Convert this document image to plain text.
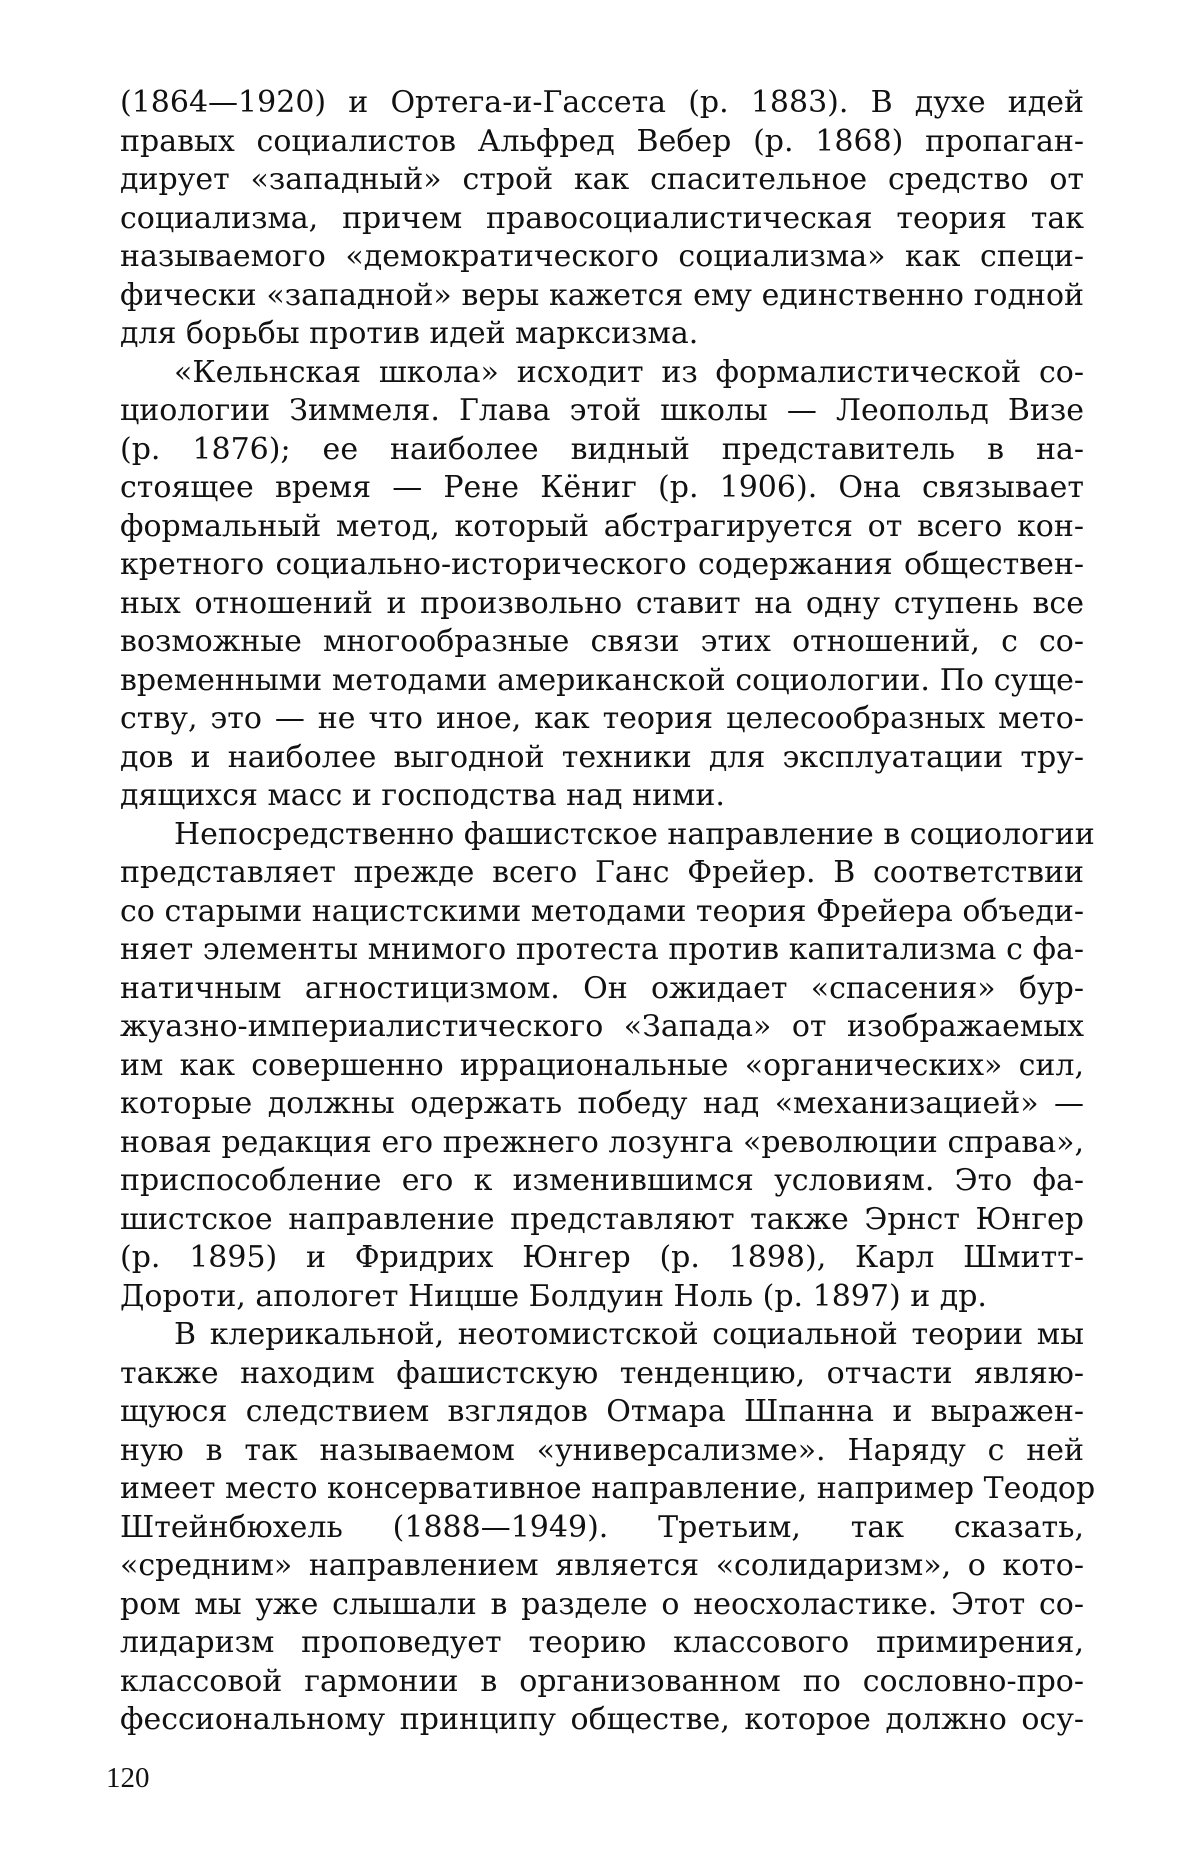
(1864—1920) и Ортега-и-Гассета (р. 1883). В духе идей
правых социалистов Альфред Вебер (р. 1868) пропаган-
дирует «западный» строй как спасительное средство от
социализма, причем правосоциалистическая теория так
называемого «демократического социализма» как специ-
фически «западной» веры кажется ему единственно годной
для борьбы против идей марксизма.

«Кельнская школа» исходит из формалистической со-
циологии Зиммеля. Глава этой школы — Леопольд Визе
(р. 1876); ее наиболее видный представитель в на-
стоящее время — Рене Кёниг (р. 1906). Она связывает
формальный метод, который абстрагируется от всего кон-
кретного социально-исторического содержания обществен-
ных отношений и произвольно ставит на одну ступень все
возможные многообразные связи этих отношений, с со-
временными методами американской социологии. По суще-
ству, это — не что иное, как теория целесообразных мето-
дов и наиболее выгодной техники для эксплуатации тру-
дящихся масс и господства над ними.

Непосредственно фашистское направление в социологии
представляет прежде всего Ганс Фрейер. В соответствии
со старыми нацистскими методами теория Фрейера объеди-
няет элементы мнимого протеста против капитализма с фа-
натичным агностицизмом. Он ожидает «спасения» бур-
жуазно-империалистического «Запада» от изображаемых
им как совершенно иррациональные «органических» сил,
которые должны одержать победу над «механизацией» —
новая редакция его прежнего лозунга «революции справа»,
приспособление его к изменившимся условиям. Это фа-
шистское направление представляют также Эрнст Юнгер
(р. 1895) и Фридрих Юнгер (р. 1898), Карл Шмитт-
Дороти, апологет Ницше Болдуин Ноль (р. 1897) и др.

В клерикальной, неотомистской социальной теории мы
также находим фашистскую тенденцию, отчасти являю-
щуюся следствием взглядов Отмара Шпанна и выражен-
ную в так называемом «универсализме». Наряду с ней
имеет место консервативное направление, например Теодор
Штейнбюхель (1888—1949). Третьим, так сказать,
«средним» направлением является «солидаризм», о кото-
ром мы уже слышали в разделе о неосхоластике. Этот со-
лидаризм проповедует теорию классового примирения,
классовой гармонии в организованном по сословно-про-
фессиональному принципу обществе, которое должно осу-

120
